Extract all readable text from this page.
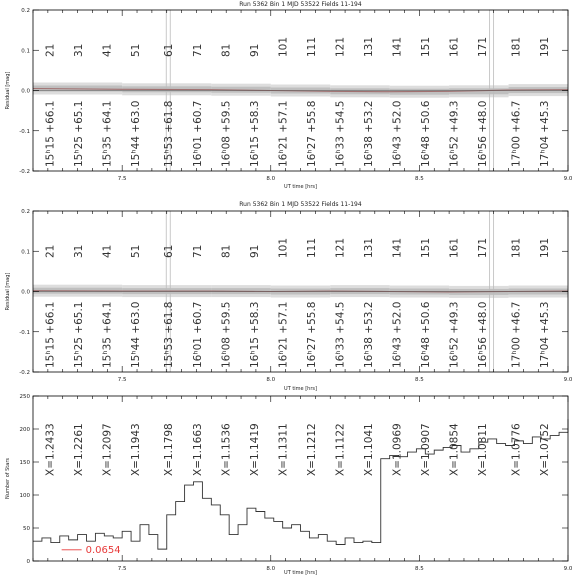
21
15ʰ15 +66.1
31
15ʰ25 +65.1
41
15ʰ35 +64.1
51
15ʰ44 +63.0
61
15ʰ53 +61.8
71
16ʰ01 +60.7
81
16ʰ08 +59.5
91
16ʰ15 +58.3
101
16ʰ21 +57.1
111
16ʰ27 +55.8
121
16ʰ33 +54.5
131
16ʰ38 +53.2
141
16ʰ43 +52.0
151
16ʰ48 +50.6
161
16ʰ52 +49.3
171
16ʰ56 +48.0
181
17ʰ00 +46.7
191
17ʰ04 +45.3
7.5	8.0	8.5	9.0
-0.2
-0.1
0.0
0.1
0.2
UT time [hrs]
Residual [mag]
Run 5362 Bin 1 MJD 53522 Fields 11-194
21
15ʰ15 +66.1
31
15ʰ25 +65.1
41
15ʰ35 +64.1
51
15ʰ44 +63.0
61
15ʰ53 +61.8
71
16ʰ01 +60.7
81
16ʰ08 +59.5
91
16ʰ15 +58.3
101
16ʰ21 +57.1
111
16ʰ27 +55.8
121
16ʰ33 +54.5
131
16ʰ38 +53.2
141
16ʰ43 +52.0
151
16ʰ48 +50.6
161
16ʰ52 +49.3
171
16ʰ56 +48.0
181
17ʰ00 +46.7
191
17ʰ04 +45.3
7.5	8.0	8.5	9.0
-0.2
-0.1
0.0
0.1
0.2
UT time [hrs]
Residual [mag]
Run 5362 Bin 1 MJD 53522 Fields 11-194
X=1.2433 X=1.2261 X=1.2097 X=1.1943 X=1.1798 X=1.1663 X=1.1536 X=1.1419 X=1.1311 X=1.1212 X=1.1122 X=1.1041 X=1.0969 X=1.0907 X=1.0854 X=1.0811 X=1.0776 X=1.0752
0.0654
7.5	8.0	8.5	9.0
0
50
100
150
200
250
UT time [hrs]
Number of Stars
